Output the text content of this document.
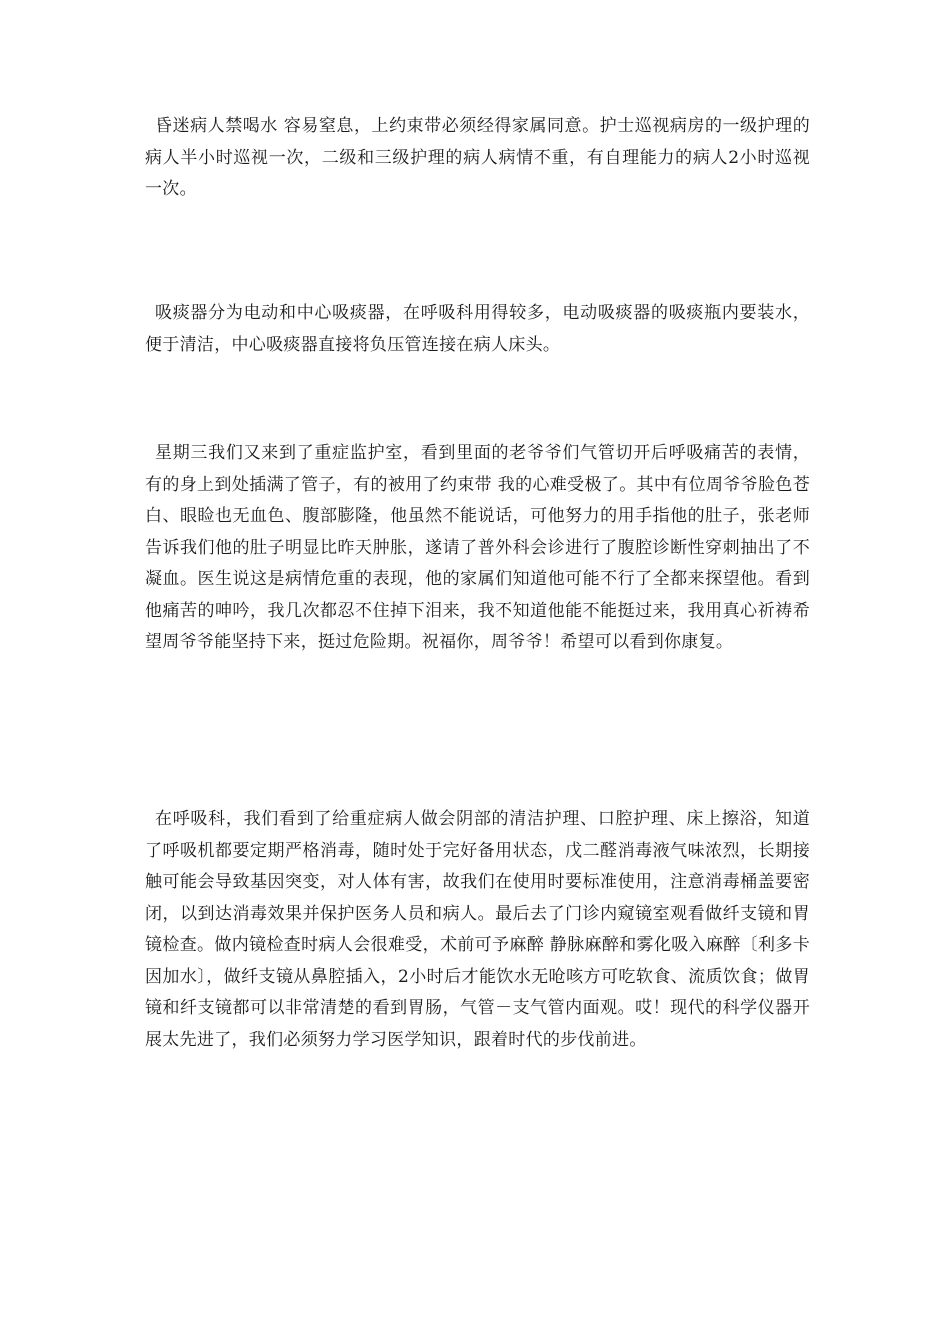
昏迷病人禁喝水 容易窒息，上约束带必须经得家属同意。护士巡视病房的一级护理的病人半小时巡视一次，二级和三级护理的病人病情不重，有自理能力的病人2小时巡视一次。

吸痰器分为电动和中心吸痰器，在呼吸科用得较多，电动吸痰器的吸痰瓶内要装水，便于清洁，中心吸痰器直接将负压管连接在病人床头。

星期三我们又来到了重症监护室，看到里面的老爷爷们气管切开后呼吸痛苦的表情，有的身上到处插满了管子，有的被用了约束带 我的心难受极了。其中有位周爷爷脸色苍白、眼睑也无血色、腹部膨隆，他虽然不能说话，可他努力的用手指他的肚子，张老师告诉我们他的肚子明显比昨天肿胀，遂请了普外科会诊进行了腹腔诊断性穿刺抽出了不凝血。医生说这是病情危重的表现，他的家属们知道他可能不行了全都来探望他。看到他痛苦的呻吟，我几次都忍不住掉下泪来，我不知道他能不能挺过来，我用真心祈祷希望周爷爷能坚持下来，挺过危险期。祝福你，周爷爷！希望可以看到你康复。

在呼吸科，我们看到了给重症病人做会阴部的清洁护理、口腔护理、床上擦浴，知道了呼吸机都要定期严格消毒，随时处于完好备用状态，戊二醛消毒液气味浓烈，长期接触可能会导致基因突变，对人体有害，故我们在使用时要标准使用，注意消毒桶盖要密闭，以到达消毒效果并保护医务人员和病人。最后去了门诊内窥镜室观看做纤支镜和胃镜检查。做内镜检查时病人会很难受，术前可予麻醉 静脉麻醉和雾化吸入麻醉〔利多卡因加水〕，做纤支镜从鼻腔插入，2小时后才能饮水无呛咳方可吃软食、流质饮食；做胃镜和纤支镜都可以非常清楚的看到胃肠，气管－支气管内面观。哎！现代的科学仪器开展太先进了，我们必须努力学习医学知识，跟着时代的步伐前进。
